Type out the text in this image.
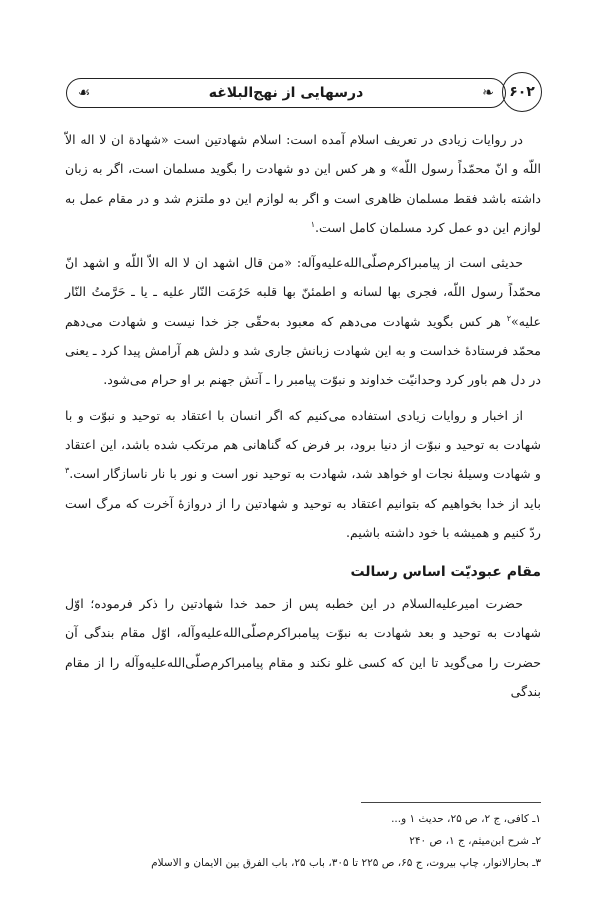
❧
درسهایی از نهج‌البلاغه
☙	۶۰۲

در روایات زیادی در تعریف اسلام آمده است: اسلام شهادتین است «شهادة ان لا اله الاّ اللّه و انّ محمّداً رسول اللّه» و هر کس این دو شهادت را بگوید مسلمان است، اگر به زبان داشته باشد فقط مسلمان ظاهری است و اگر به لوازم این دو ملتزم شد و در مقام عمل به لوازم این دو عمل کرد مسلمان کامل است.$^۱$

حدیثی است از پیامبراکرم‌صلّی‌الله‌علیه‌وآله: «من قال اشهد ان لا اله الاّ اللّه و اشهد انّ محمّداً رسول اللّه، فجری بها لسانه و اطمئنّ بها قلبه حَرُمَت النّار علیه ـ یا ـ حَرَّمتُ النّار علیه»$^۲$ هر کس بگوید شهادت می‌دهم که معبود به‌حقّی جز خدا نیست و شهادت می‌دهم محمّد فرستادهٔ خداست و به این شهادت زبانش جاری شد و دلش هم آرامش پیدا کرد ـ یعنی در دل هم باور کرد وحدانیّت خداوند و نبوّت پیامبر را ـ آتش جهنم بر او حرام می‌شود.

از اخبار و روایات زیادی استفاده می‌کنیم که اگر انسان با اعتقاد به توحید و نبوّت و با شهادت به توحید و نبوّت از دنیا برود، بر فرض که گناهانی هم مرتکب شده باشد، این اعتقاد و شهادت وسیلهٔ نجات او خواهد شد، شهادت به توحید نور است و نور با نار ناسازگار است.$^۳$ باید از خدا بخواهیم که بتوانیم اعتقاد به توحید و شهادتین را از دروازهٔ آخرت که مرگ است ردّ کنیم و همیشه با خود داشته باشیم.

مقام عبودیّت اساس رسالت

حضرت امیرعلیه‌السلام در این خطبه پس از حمد خدا شهادتین را ذکر فرموده؛ اوّل شهادت به توحید و بعد شهادت به نبوّت پیامبراکرم‌صلّی‌الله‌علیه‌وآله، اوّل مقام بندگی آن حضرت را می‌گوید تا این که کسی غلو نکند و مقام پیامبراکرم‌صلّی‌الله‌علیه‌وآله را از مقام بندگی

۱ـ کافی، ج ۲، ص ۲۵، حدیث ۱ و...
۲ـ شرح ابن‌میثم، ج ۱، ص ۲۴۰
۳ـ بحارالانوار، چاپ بیروت، ج ۶۵، ص ۲۲۵ تا ۳۰۵، باب ۲۵، باب الفرق بین الایمان و الاسلام
